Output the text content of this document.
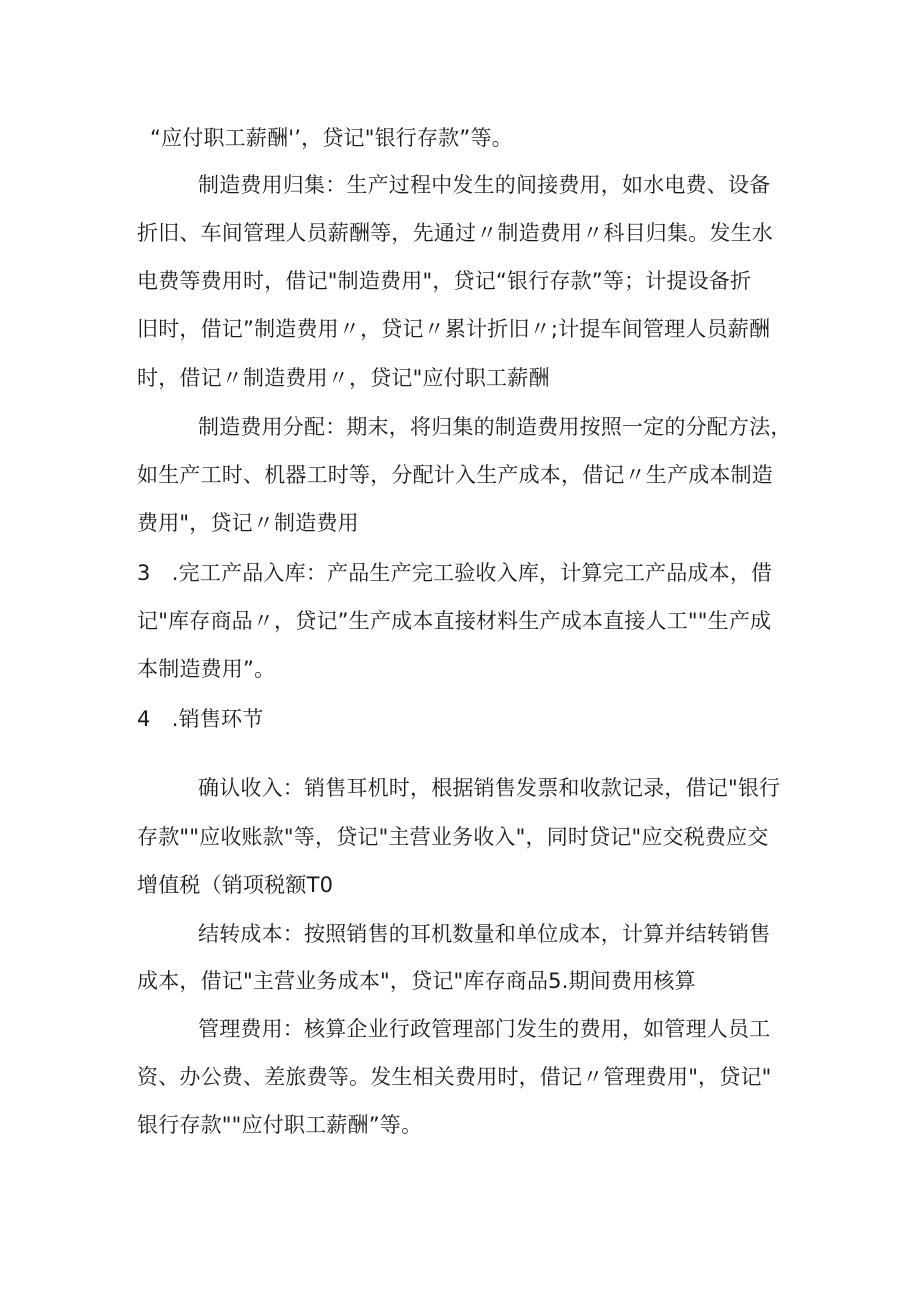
“应付职工薪酬'’，贷记"银行存款”等。
制造费用归集：生产过程中发生的间接费用，如水电费、设备
折旧、车间管理人员薪酬等，先通过〃制造费用〃科目归集。发生水
电费等费用时，借记"制造费用"，贷记“银行存款”等；计提设备折
旧时，借记”制造费用〃，贷记〃累计折旧〃;计提车间管理人员薪酬
时，借记〃制造费用〃，贷记"应付职工薪酬
制造费用分配：期末，将归集的制造费用按照一定的分配方法，
如生产工时、机器工时等，分配计入生产成本，借记〃生产成本制造
费用"，贷记〃制造费用
3　.完工产品入库：产品生产完工验收入库，计算完工产品成本，借
记"库存商品〃，贷记”生产成本直接材料生产成本直接人工""生产成
本制造费用”。
4　.销售环节
确认收入：销售耳机时，根据销售发票和收款记录，借记"银行
存款""应收账款"等，贷记"主营业务收入"，同时贷记"应交税费应交
增值税（销项税额T0
结转成本：按照销售的耳机数量和单位成本，计算并结转销售
成本，借记"主营业务成本"，贷记"库存商品5.期间费用核算
管理费用：核算企业行政管理部门发生的费用，如管理人员工
资、办公费、差旅费等。发生相关费用时，借记〃管理费用"，贷记"
银行存款""应付职工薪酬”等。
